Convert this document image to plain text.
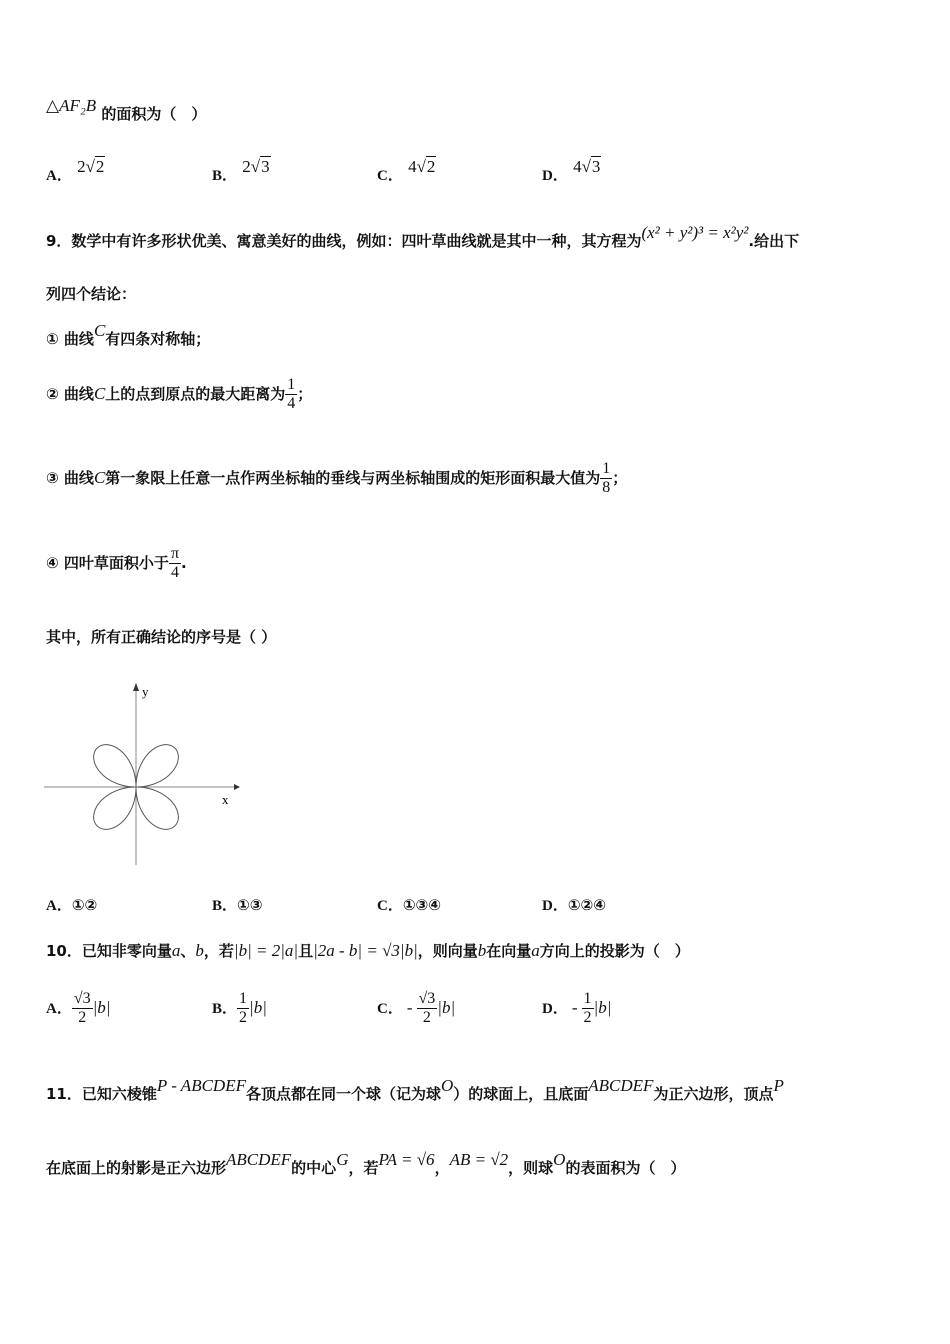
△AF₂B 的面积为（　）
A． 2√2	B． 2√3	C． 4√2	D． 4√3
9．数学中有许多形状优美、寓意美好的曲线，例如：四叶草曲线就是其中一种，其方程为(x² + y²)³ = x²y².给出下
列四个结论：
① 曲线C有四条对称轴；
② 曲线C上的点到原点的最大距离为 $\frac{1}{4}$ ；
③ 曲线C第一象限上任意一点作两坐标轴的垂线与两坐标轴围成的矩形面积最大值为 $\frac{1}{8}$ ；
④ 四叶草面积小于 $\frac{\pi}{4}$ .
其中，所有正确结论的序号是（ ）
y
x
A．①②	B．①③	C．①③④	D．①②④
10．已知非零向量a、b，若|b| = 2|a|且|2a - b| = √3|b|，则向量b在向量a方向上的投影为（　）
A． $\frac{√3}{2} |b|$	B． $\frac{1}{2} |b|$	C． - $\frac{√3}{2} |b|$	D． - $\frac{1}{2} |b|$
11．已知六棱锥P - ABCDEF各顶点都在同一个球（记为球O）的球面上，且底面ABCDEF为正六边形，顶点P
在底面上的射影是正六边形ABCDEF的中心G，若PA = √6，AB = √2，则球O的表面积为（　）
